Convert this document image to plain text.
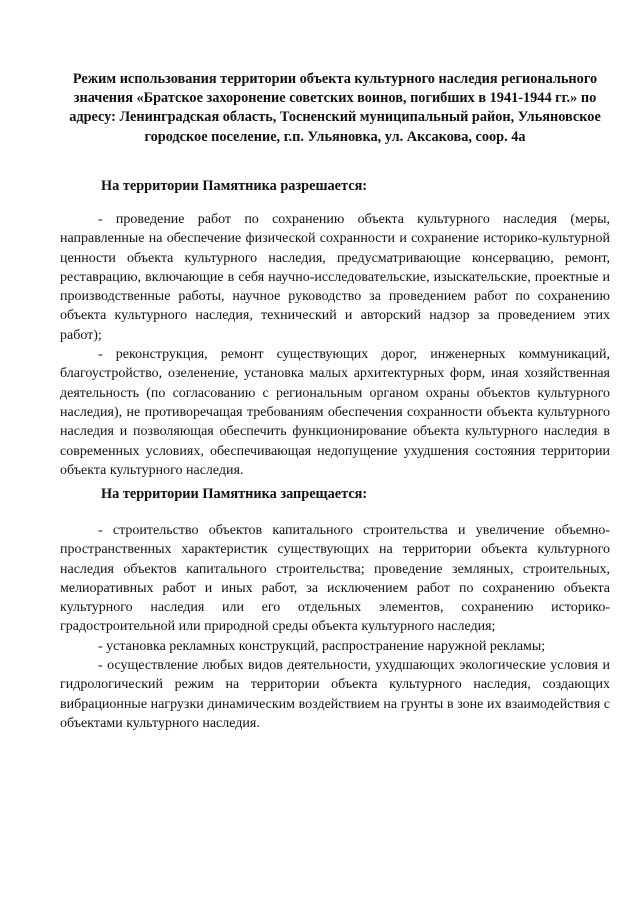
Режим использования территории объекта культурного наследия регионального значения «Братское захоронение советских воинов, погибших в 1941-1944 гг.» по адресу: Ленинградская область, Тосненский муниципальный район, Ульяновское городское поселение, г.п. Ульяновка, ул. Аксакова, соор. 4а
На территории Памятника разрешается:

- проведение работ по сохранению объекта культурного наследия (меры, направленные на обеспечение физической сохранности и сохранение историко-культурной ценности объекта культурного наследия, предусматривающие консервацию, ремонт, реставрацию, включающие в себя научно-исследовательские, изыскательские, проектные и производственные работы, научное руководство за проведением работ по сохранению объекта культурного наследия, технический и авторский надзор за проведением этих работ);

- реконструкция, ремонт существующих дорог, инженерных коммуникаций, благоустройство, озеленение, установка малых архитектурных форм, иная хозяйственная деятельность (по согласованию с региональным органом охраны объектов культурного наследия), не противоречащая требованиям обеспечения сохранности объекта культурного наследия и позволяющая обеспечить функционирование объекта культурного наследия в современных условиях, обеспечивающая недопущение ухудшения состояния территории объекта культурного наследия.

На территории Памятника запрещается:

- строительство объектов капитального строительства и увеличение объемно-пространственных характеристик существующих на территории объекта культурного наследия объектов капитального строительства; проведение земляных, строительных, мелиоративных работ и иных работ, за исключением работ по сохранению объекта культурного наследия или его отдельных элементов, сохранению историко-градостроительной или природной среды объекта культурного наследия;

- установка рекламных конструкций, распространение наружной рекламы;

- осуществление любых видов деятельности, ухудшающих экологические условия и гидрологический режим на территории объекта культурного наследия, создающих вибрационные нагрузки динамическим воздействием на грунты в зоне их взаимодействия с объектами культурного наследия.
